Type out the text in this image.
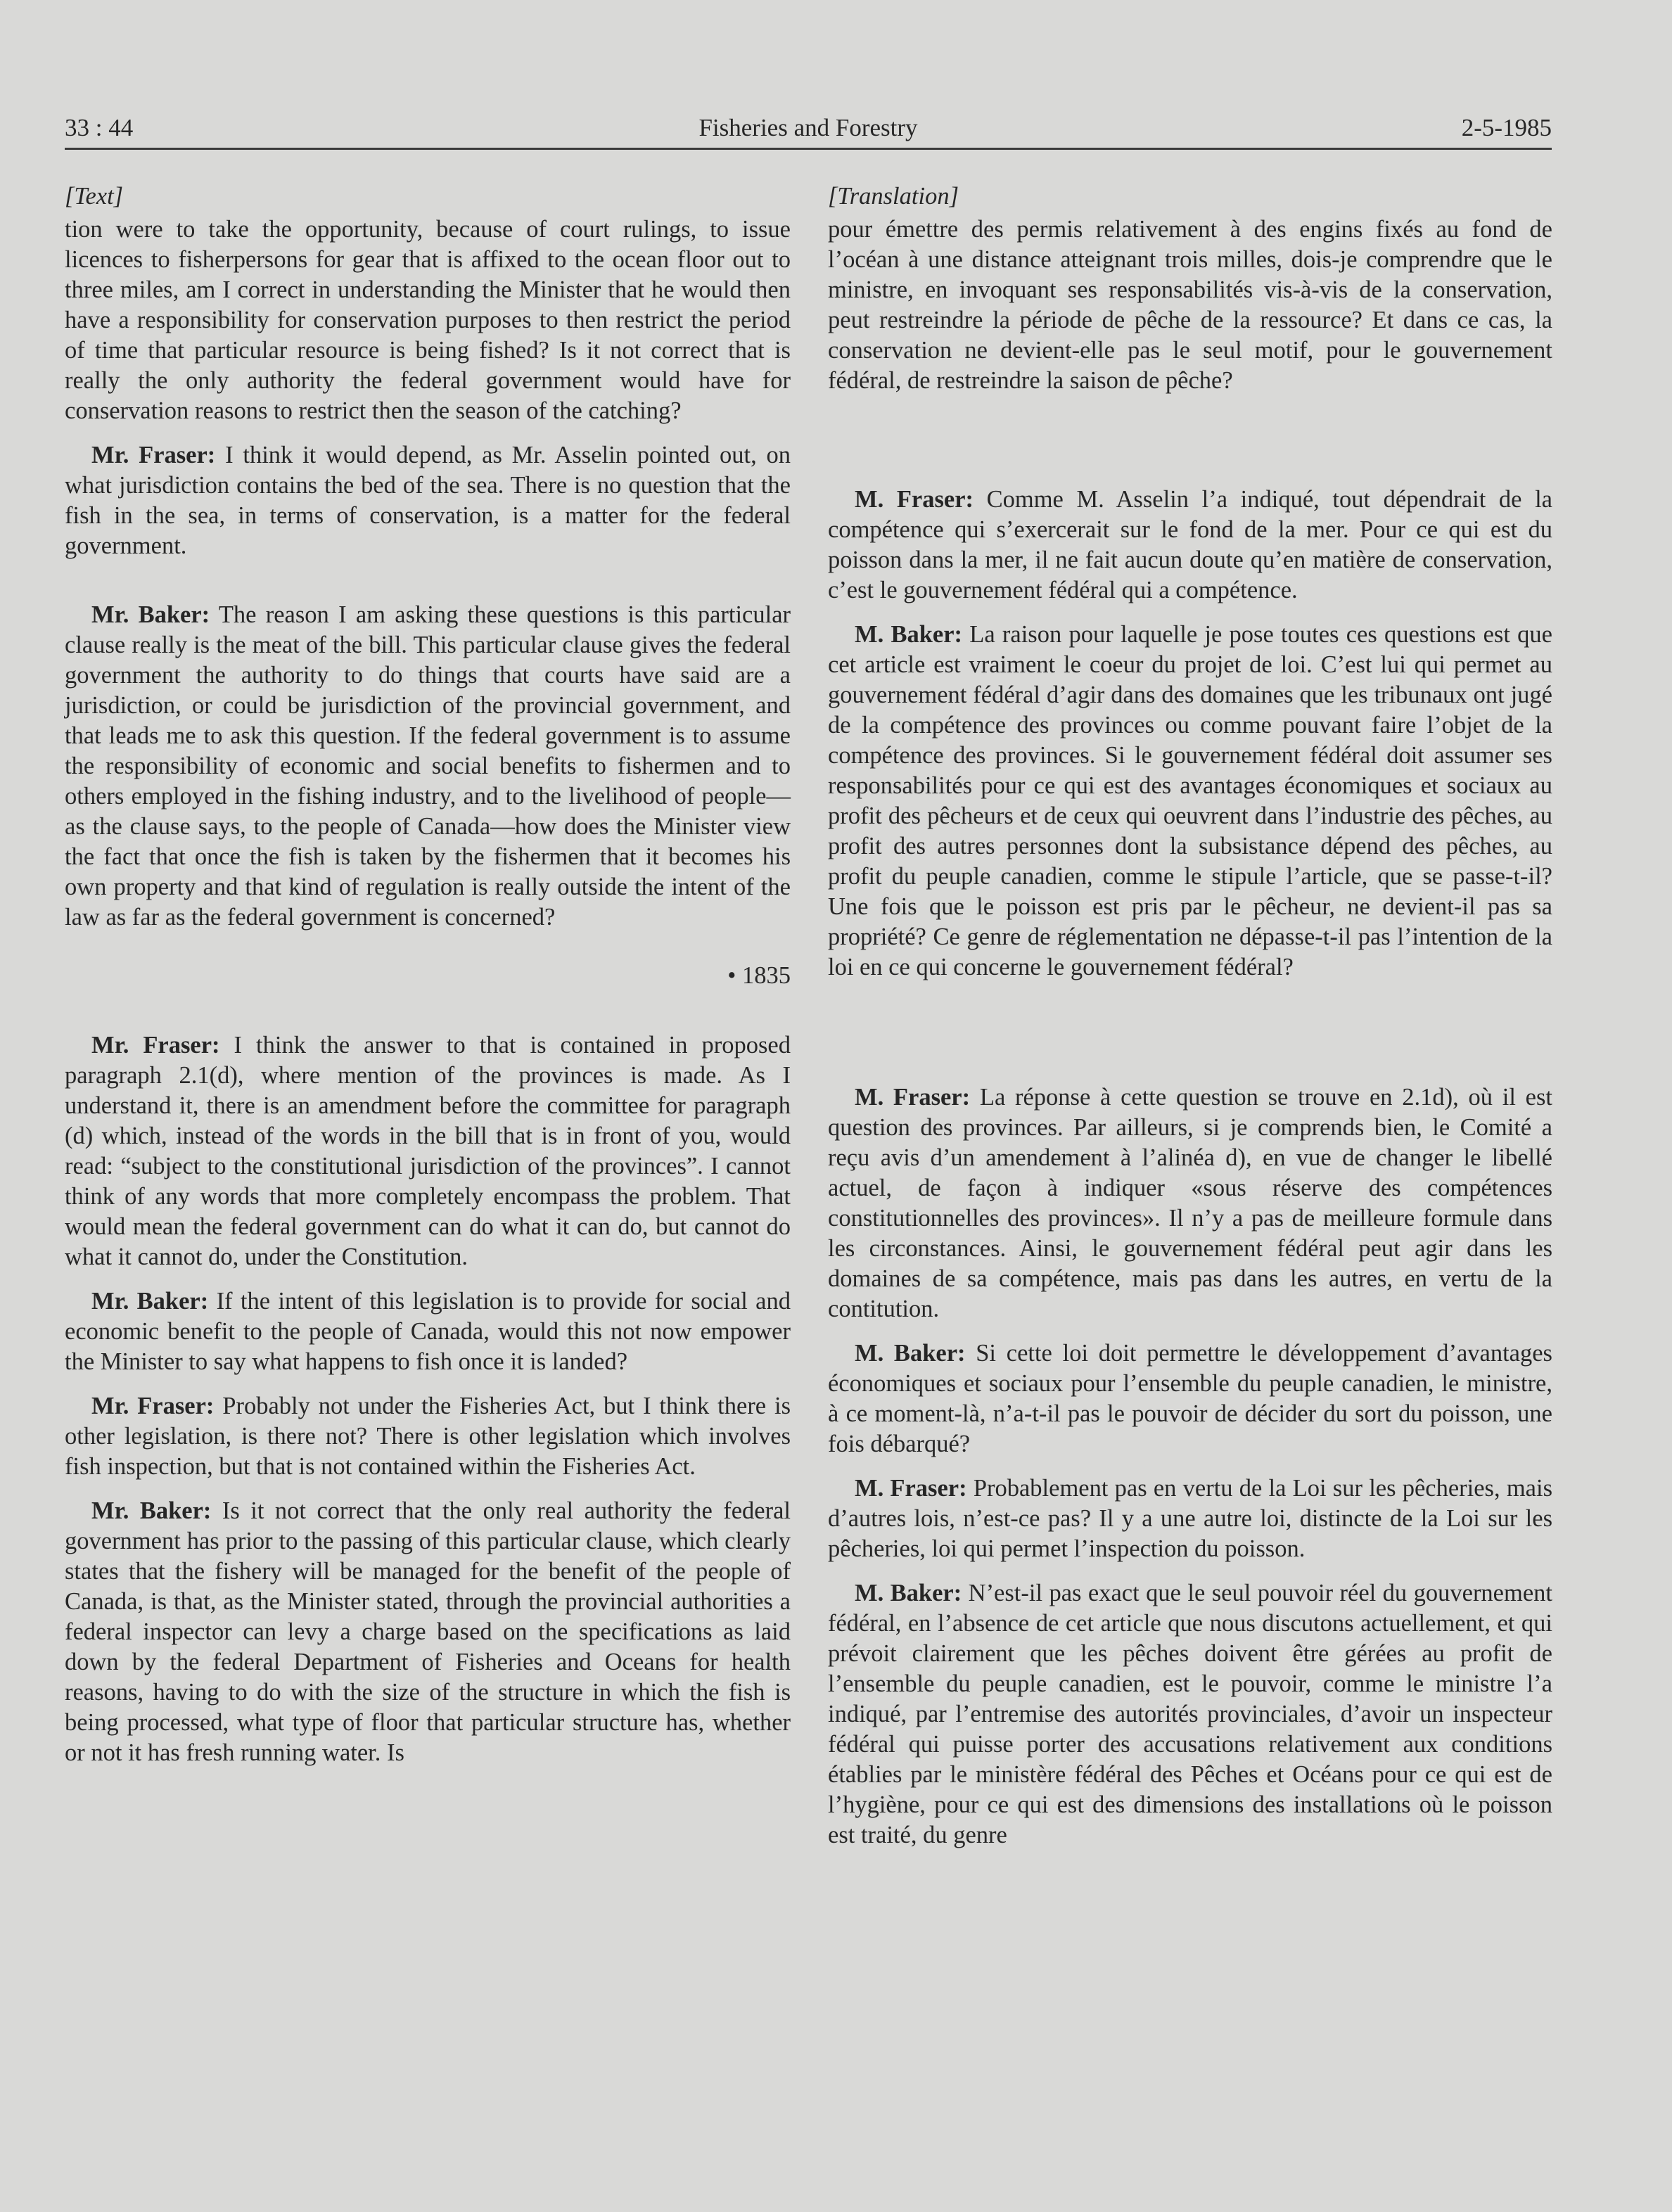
33 : 44	Fisheries and Forestry	2-5-1985
[Text]

tion were to take the opportunity, because of court rulings, to issue licences to fisherpersons for gear that is affixed to the ocean floor out to three miles, am I correct in understanding the Minister that he would then have a responsibility for conservation purposes to then restrict the period of time that particular resource is being fished? Is it not correct that is really the only authority the federal government would have for conservation reasons to restrict then the season of the catching?

Mr. Fraser: I think it would depend, as Mr. Asselin pointed out, on what jurisdiction contains the bed of the sea. There is no question that the fish in the sea, in terms of conservation, is a matter for the federal government.

Mr. Baker: The reason I am asking these questions is this particular clause really is the meat of the bill. This particular clause gives the federal government the authority to do things that courts have said are a jurisdiction, or could be jurisdiction of the provincial government, and that leads me to ask this question. If the federal government is to assume the responsibility of economic and social benefits to fishermen and to others employed in the fishing industry, and to the livelihood of people—as the clause says, to the people of Canada—how does the Minister view the fact that once the fish is taken by the fishermen that it becomes his own property and that kind of regulation is really outside the intent of the law as far as the federal government is concerned?

• 1835

Mr. Fraser: I think the answer to that is contained in proposed paragraph 2.1(d), where mention of the provinces is made. As I understand it, there is an amendment before the committee for paragraph (d) which, instead of the words in the bill that is in front of you, would read: “subject to the constitutional jurisdiction of the provinces”. I cannot think of any words that more completely encompass the problem. That would mean the federal government can do what it can do, but cannot do what it cannot do, under the Constitution.

Mr. Baker: If the intent of this legislation is to provide for social and economic benefit to the people of Canada, would this not now empower the Minister to say what happens to fish once it is landed?

Mr. Fraser: Probably not under the Fisheries Act, but I think there is other legislation, is there not? There is other legislation which involves fish inspection, but that is not contained within the Fisheries Act.

Mr. Baker: Is it not correct that the only real authority the federal government has prior to the passing of this particular clause, which clearly states that the fishery will be managed for the benefit of the people of Canada, is that, as the Minister stated, through the provincial authorities a federal inspector can levy a charge based on the specifications as laid down by the federal Department of Fisheries and Oceans for health reasons, having to do with the size of the structure in which the fish is being processed, what type of floor that particular structure has, whether or not it has fresh running water. Is

[Translation]

pour émettre des permis relativement à des engins fixés au fond de l’océan à une distance atteignant trois milles, dois-je comprendre que le ministre, en invoquant ses responsabilités vis-à-vis de la conservation, peut restreindre la période de pêche de la ressource? Et dans ce cas, la conservation ne devient-elle pas le seul motif, pour le gouvernement fédéral, de restreindre la saison de pêche?

M. Fraser: Comme M. Asselin l’a indiqué, tout dépendrait de la compétence qui s’exercerait sur le fond de la mer. Pour ce qui est du poisson dans la mer, il ne fait aucun doute qu’en matière de conservation, c’est le gouvernement fédéral qui a compétence.

M. Baker: La raison pour laquelle je pose toutes ces questions est que cet article est vraiment le coeur du projet de loi. C’est lui qui permet au gouvernement fédéral d’agir dans des domaines que les tribunaux ont jugé de la compétence des provinces ou comme pouvant faire l’objet de la compétence des provinces. Si le gouvernement fédéral doit assumer ses responsabilités pour ce qui est des avantages économiques et sociaux au profit des pêcheurs et de ceux qui oeuvrent dans l’industrie des pêches, au profit des autres personnes dont la subsistance dépend des pêches, au profit du peuple canadien, comme le stipule l’article, que se passe-t-il? Une fois que le poisson est pris par le pêcheur, ne devient-il pas sa propriété? Ce genre de réglementation ne dépasse-t-il pas l’intention de la loi en ce qui concerne le gouvernement fédéral?

M. Fraser: La réponse à cette question se trouve en 2.1d), où il est question des provinces. Par ailleurs, si je comprends bien, le Comité a reçu avis d’un amendement à l’alinéa d), en vue de changer le libellé actuel, de façon à indiquer «sous réserve des compétences constitutionnelles des provinces». Il n’y a pas de meilleure formule dans les circonstances. Ainsi, le gouvernement fédéral peut agir dans les domaines de sa compétence, mais pas dans les autres, en vertu de la contitution.

M. Baker: Si cette loi doit permettre le développement d’avantages économiques et sociaux pour l’ensemble du peuple canadien, le ministre, à ce moment-là, n’a-t-il pas le pouvoir de décider du sort du poisson, une fois débarqué?

M. Fraser: Probablement pas en vertu de la Loi sur les pêcheries, mais d’autres lois, n’est-ce pas? Il y a une autre loi, distincte de la Loi sur les pêcheries, loi qui permet l’inspection du poisson.

M. Baker: N’est-il pas exact que le seul pouvoir réel du gouvernement fédéral, en l’absence de cet article que nous discutons actuellement, et qui prévoit clairement que les pêches doivent être gérées au profit de l’ensemble du peuple canadien, est le pouvoir, comme le ministre l’a indiqué, par l’entremise des autorités provinciales, d’avoir un inspecteur fédéral qui puisse porter des accusations relativement aux conditions établies par le ministère fédéral des Pêches et Océans pour ce qui est de l’hygiène, pour ce qui est des dimensions des installations où le poisson est traité, du genre
